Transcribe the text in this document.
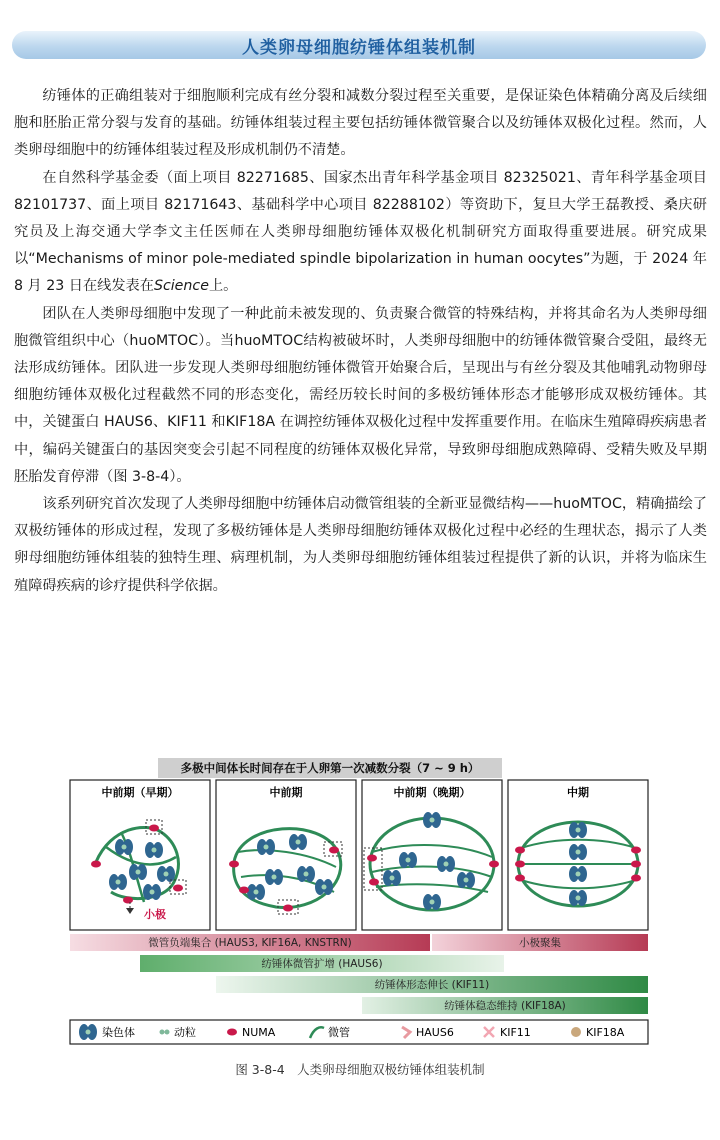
人类卵母细胞纺锤体组装机制

纺锤体的正确组装对于细胞顺利完成有丝分裂和减数分裂过程至关重要，是保证染色体精确分离及后续细胞和胚胎正常分裂与发育的基础。纺锤体组装过程主要包括纺锤体微管聚合以及纺锤体双极化过程。然而，人类卵母细胞中的纺锤体组装过程及形成机制仍不清楚。

在自然科学基金委（面上项目 82271685、国家杰出青年科学基金项目 82325021、青年科学基金项目 82101737、面上项目 82171643、基础科学中心项目 82288102）等资助下，复旦大学王磊教授、桑庆研究员及上海交通大学李文主任医师在人类卵母细胞纺锤体双极化机制研究方面取得重要进展。研究成果以“Mechanisms of minor pole‑mediated spindle bipolarization in human oocytes”为题，于 2024 年 8 月 23 日在线发表在Science上。

团队在人类卵母细胞中发现了一种此前未被发现的、负责聚合微管的特殊结构，并将其命名为人类卵母细胞微管组织中心（huoMTOC）。当huoMTOC结构被破坏时，人类卵母细胞中的纺锤体微管聚合受阻，最终无法形成纺锤体。团队进一步发现人类卵母细胞纺锤体微管开始聚合后，呈现出与有丝分裂及其他哺乳动物卵母细胞纺锤体双极化过程截然不同的形态变化，需经历较长时间的多极纺锤体形态才能够形成双极纺锤体。其中，关键蛋白 HAUS6、KIF11 和KIF18A 在调控纺锤体双极化过程中发挥重要作用。在临床生殖障碍疾病患者中，编码关键蛋白的基因突变会引起不同程度的纺锤体双极化异常，导致卵母细胞成熟障碍、受精失败及早期胚胎发育停滞（图 3‑8‑4）。

该系列研究首次发现了人类卵母细胞中纺锤体启动微管组装的全新亚显微结构——huoMTOC，精确描绘了双极纺锤体的形成过程，发现了多极纺锤体是人类卵母细胞纺锤体双极化过程中必经的生理状态，揭示了人类卵母细胞纺锤体组装的独特生理、病理机制，为人类卵母细胞纺锤体组装过程提供了新的认识，并将为临床生殖障碍疾病的诊疗提供科学依据。

多极中间体长时间存在于人卵第一次减数分裂（7 ~ 9 h）
中前期（早期）
小极
中前期	中前期（晚期）	中期
微管负端集合 (HAUS3, KIF16A, KNSTRN)	小极聚集
纺锤体微管扩增 (HAUS6)
纺锤体形态伸长 (KIF11)
纺锤体稳态维持 (KIF18A)
染色体	动粒	NUMA	微管	HAUS6	KIF11	KIF18A
图 3‑8‑4　人类卵母细胞双极纺锤体组装机制
